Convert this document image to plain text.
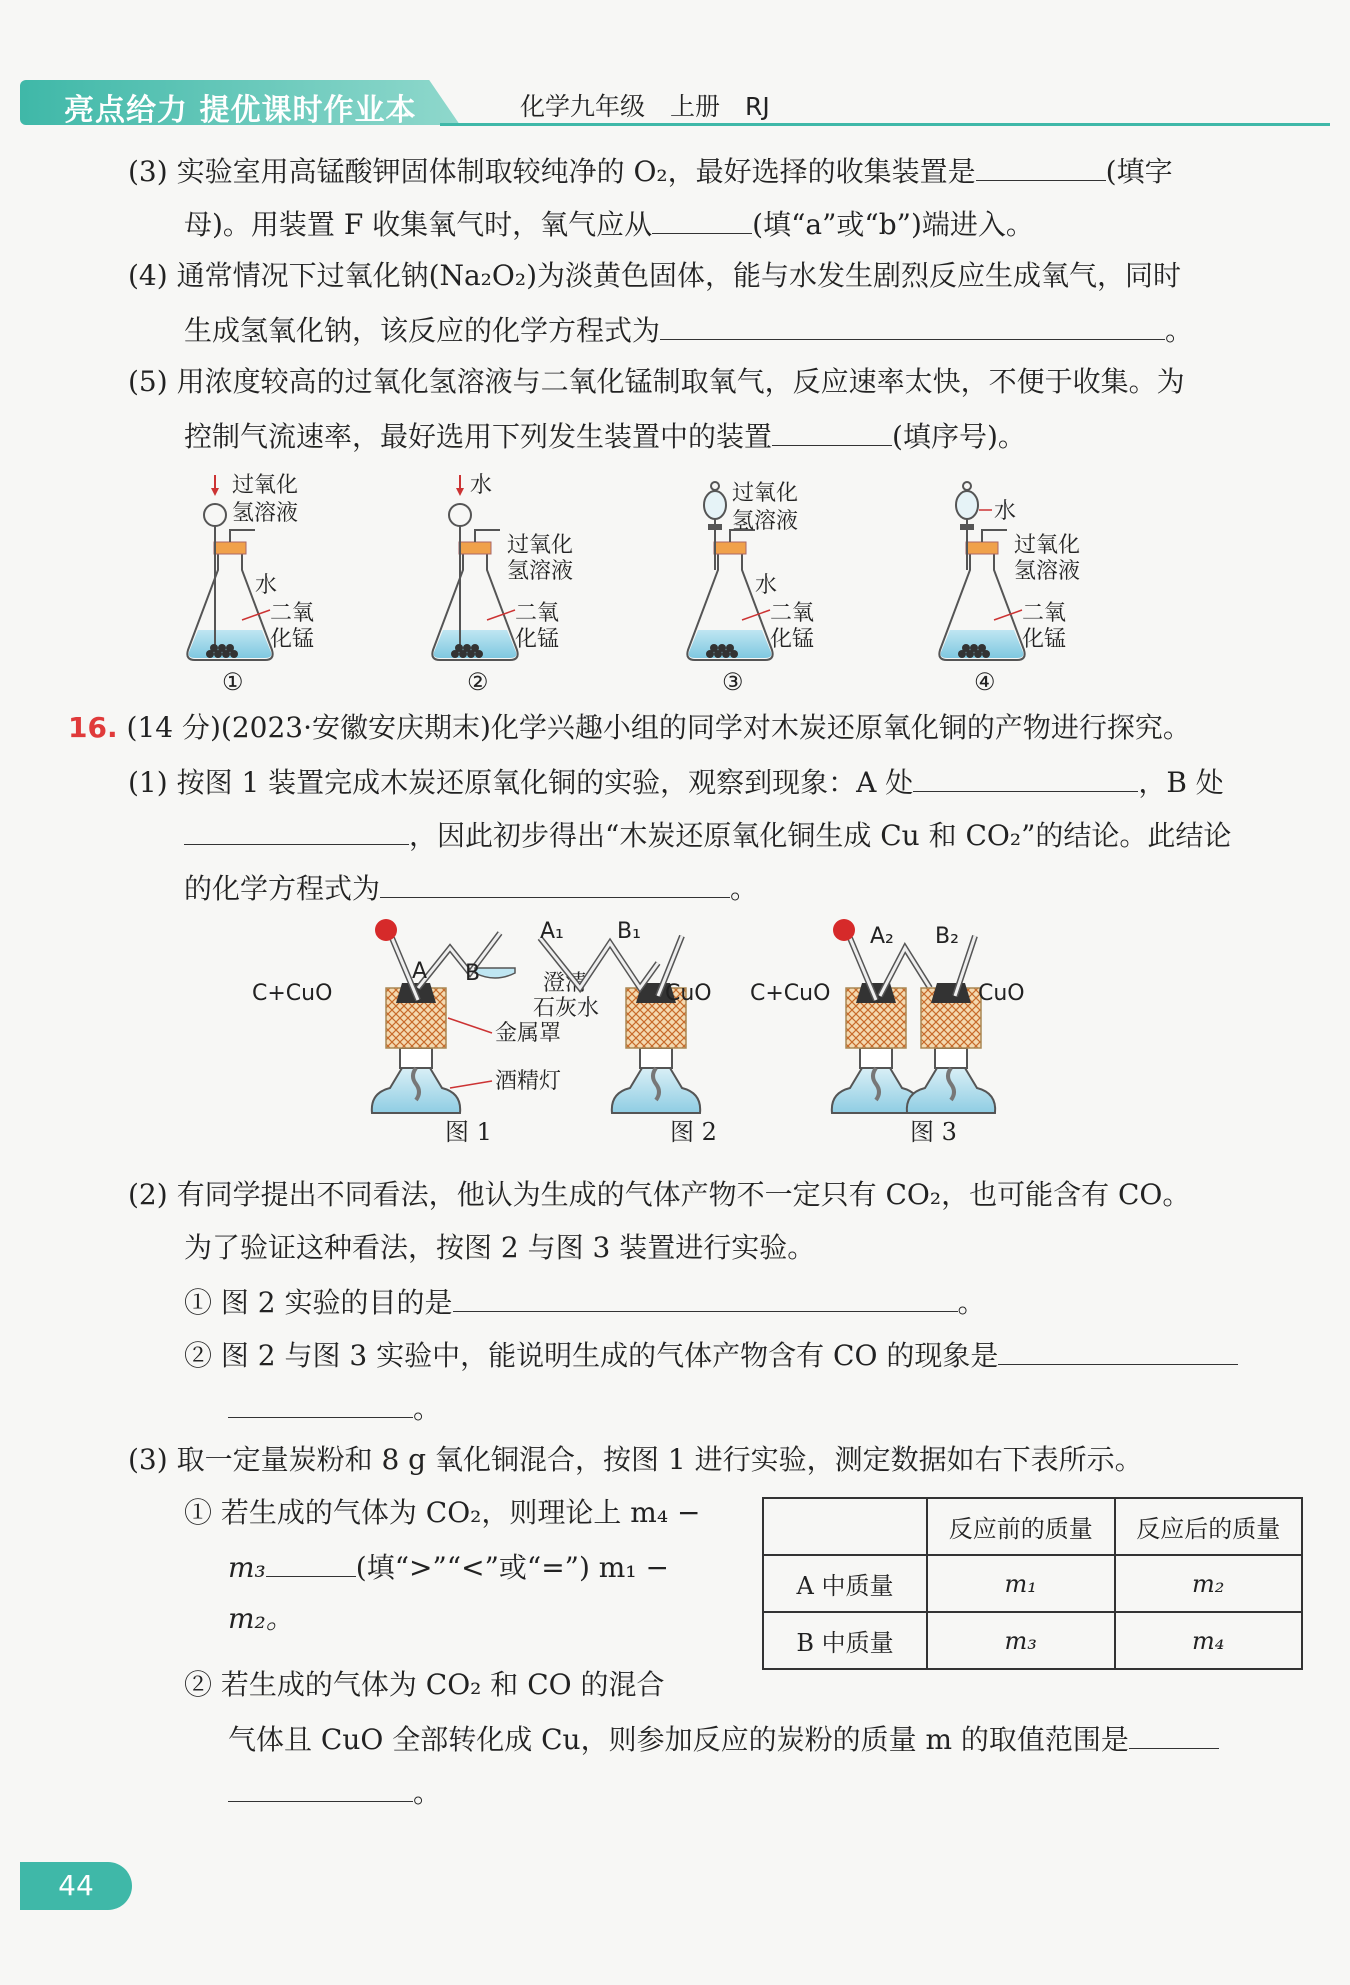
亮点给力 提优课时作业本	化学九年级　上册　RJ
(3) 实验室用高锰酸钾固体制取较纯净的 O₂，最好选择的收集装置是	(填字
母)。用装置 F 收集氧气时，氧气应从	(填“a”或“b”)端进入。
(4) 通常情况下过氧化钠(Na₂O₂)为淡黄色固体，能与水发生剧烈反应生成氧气，同时
生成氢氧化钠，该反应的化学方程式为	。
(5) 用浓度较高的过氧化氢溶液与二氧化锰制取氧气，反应速率太快，不便于收集。为
控制气流速率，最好选用下列发生装置中的装置	(填序号)。
过氧化
氢溶液
水
二氧
化锰
①
水
过氧化
氢溶液
二氧
化锰
②
过氧化
氢溶液
水
二氧
化锰
③
水
过氧化
氢溶液
二氧
化锰
④
16. (14 分)(2023·安徽安庆期末)化学兴趣小组的同学对木炭还原氧化铜的产物进行探究。
(1) 按图 1 装置完成木炭还原氧化铜的实验，观察到现象：A 处	，B 处
，因此初步得出“木炭还原氧化铜生成 Cu 和 CO₂”的结论。此结论
的化学方程式为	。
A B
C+CuO	澄清
石灰水
金属罩
酒精灯
图 1
A₁ B₁
CuO
图 2
A₂ B₂
C+CuO	CuO
图 3
(2) 有同学提出不同看法，他认为生成的气体产物不一定只有 CO₂，也可能含有 CO。
为了验证这种看法，按图 2 与图 3 装置进行实验。
① 图 2 实验的目的是	。
② 图 2 与图 3 实验中，能说明生成的气体产物含有 CO 的现象是
。
(3) 取一定量炭粉和 8 g 氧化铜混合，按图 1 进行实验，测定数据如右下表所示。
① 若生成的气体为 CO₂，则理论上 m₄ −
m₃	(填“>”“<”或“=”) m₁ −
m₂。
② 若生成的气体为 CO₂ 和 CO 的混合
气体且 CuO 全部转化成 Cu，则参加反应的炭粉的质量 m 的取值范围是
。
	反应前的质量	反应后的质量
A 中质量	m₁	m₂
B 中质量	m₃	m₄
44
